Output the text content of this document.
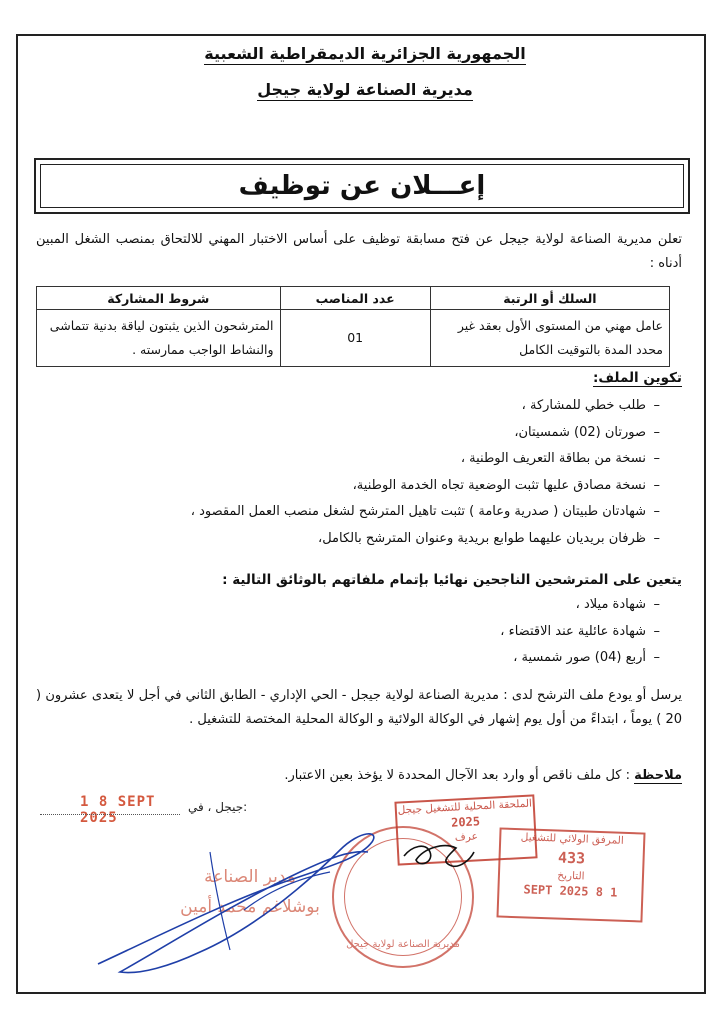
الجمهورية الجزائرية الديمقراطية الشعبية
مديرية الصناعة لولاية جيجل
إعـــلان عن توظيف
تعلن مديرية الصناعة لولاية جيجل عن فتح مسابقة توظيف على أساس الاختبار المهني للالتحاق بمنصب الشغل المبين أدناه :
السلك أو الرتبة	عدد المناصب	شروط المشاركة
عامل مهني من المستوى الأول بعقد غير محدد المدة بالتوقيت الكامل	01	المترشحون الذين يثبتون لياقة بدنية تتماشى والنشاط الواجب ممارسته .
تكوين الملف:
–طلب خطي للمشاركة ،
–صورتان (02) شمسيتان،
–نسخة من بطاقة التعريف الوطنية ،
–نسخة مصادق عليها تثبت الوضعية تجاه الخدمة الوطنية،
–شهادتان طبيتان ( صدرية وعامة ) تثبت تاهيل المترشح لشغل منصب العمل المقصود ،
–ظرفان بريديان عليهما طوابع بريدية وعنوان المترشح بالكامل،
يتعين على المترشحين الناجحين نهائيا بإتمام ملفاتهم بالوثائق التالية :
–شهادة ميلاد ،
–شهادة عائلية عند الاقتضاء ،
–أربع (04) صور شمسية ،
يرسل أو يودع ملف الترشح لدى : مديرية الصناعة لولاية جيجل - الحي الإداري - الطابق الثاني في أجل لا يتعدى عشرون ( 20 ) يوماً ، ابتداءً من أول يوم إشهار في الوكالة الولائية و الوكالة المحلية المختصة للتشغيل .
ملاحظة : كل ملف ناقص أو وارد بعد الآجال المحددة لا يؤخذ بعين الاعتبار.
1 8 SEPT 2025
جيجل ، في:	الملحقة المحلية للتشغيل جيجل
2025
عرف	المرفق الولائي للتشغيل
433
التاريخ
1 8 SEPT 2025
مديرية الصناعة لولاية جيجل
مدير الصناعة
بوشلاغم محمد أمين
